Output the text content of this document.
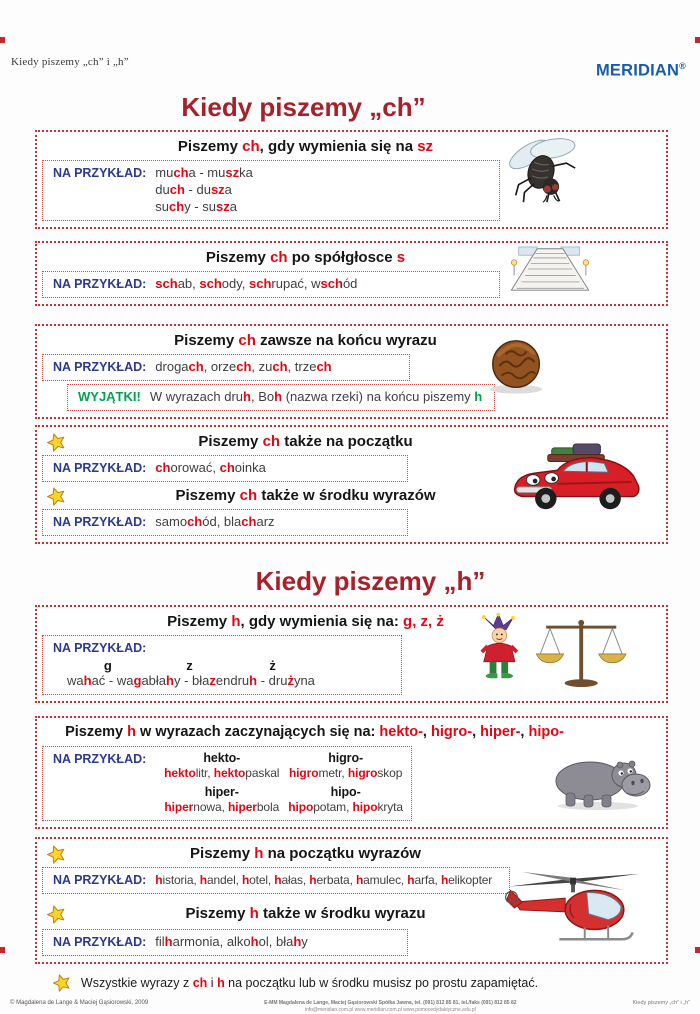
Kiedy piszemy „ch” i „h”	MERIDIAN®
Kiedy piszemy „ch”
Piszemy ch, gdy wymienia się na sz
NA PRZYKŁAD: mucha - muszka
duch - dusza
suchy - susza
Piszemy ch po spółgłosce s
NA PRZYKŁAD: schab, schody, schrupać, wschód
Piszemy ch zawsze na końcu wyrazu
NA PRZYKŁAD: drogach, orzech, zuch, trzech
WYJĄTKI! W wyrazach druh, Boh (nazwa rzeki) na końcu piszemy h
Piszemy ch także na początku
NA PRZYKŁAD: chorować, choinka
Piszemy ch także w środku wyrazów
NA PRZYKŁAD: samochód, blacharz
Kiedy piszemy „h”
Piszemy h, gdy wymienia się na: g, z, ż
NA PRZYKŁAD:
g
wahać - waga
z
błahy - błazen
ż
druh - drużyna
Piszemy h w wyrazach zaczynających się na: hekto-, higro-, hiper-, hipo-
NA PRZYKŁAD:	hekto-
hektolitr, hektopaskal
higro-
higrometr, higroskop
hiper-
hipernowa, hiperbola
hipo-
hipopotam, hipokryta
Piszemy h na początku wyrazów
NA PRZYKŁAD: historia, handel, hotel, hałas, herbata, hamulec, harfa, helikopter
Piszemy h także w środku wyrazu
NA PRZYKŁAD: filharmonia, alkohol, błahy
Wszystkie wyrazy z ch i h na początku lub w środku musisz po prostu zapamiętać.
© Magdalena de Lange & Maciej Gąsiorowski, 2009	E-MM Magdalena de Lange, Maciej Gąsiorowski Spółka Jawna, tel. (091) 812 85 81, tel./faks (091) 812 85 82
info@meridian.com.pl www.meridian.com.pl www.pomocedydaktyczne.edu.pl
Kiedy piszemy „ch” i „h”
